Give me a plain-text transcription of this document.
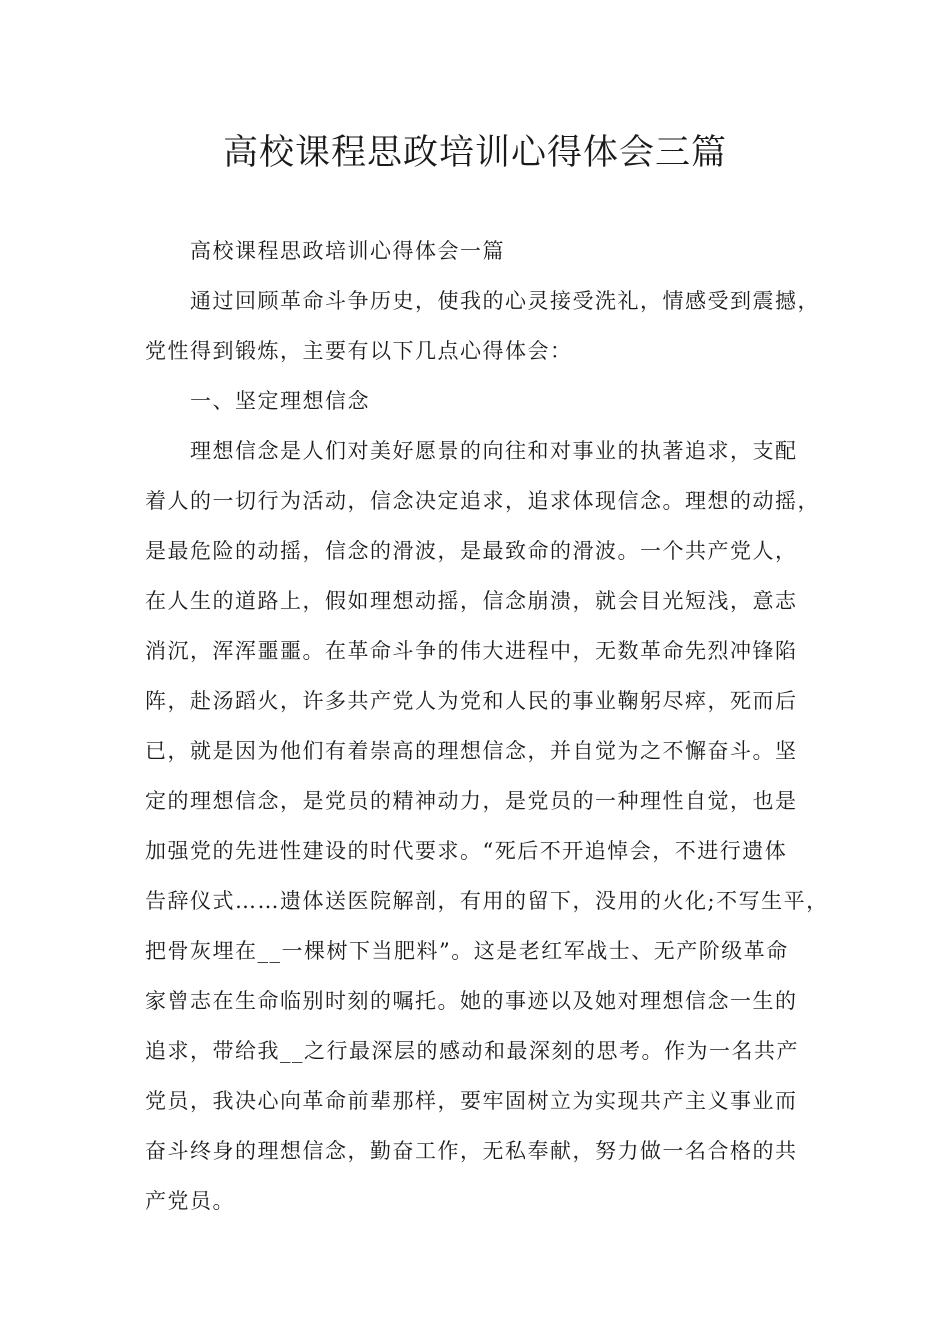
高校课程思政培训心得体会三篇
高校课程思政培训心得体会一篇
通过回顾革命斗争历史，使我的心灵接受洗礼，情感受到震撼，
党性得到锻炼，主要有以下几点心得体会：
一、坚定理想信念
理想信念是人们对美好愿景的向往和对事业的执著追求，支配
着人的一切行为活动，信念决定追求，追求体现信念。理想的动摇，
是最危险的动摇，信念的滑波，是最致命的滑波。一个共产党人，
在人生的道路上，假如理想动摇，信念崩溃，就会目光短浅，意志
消沉，浑浑噩噩。在革命斗争的伟大进程中，无数革命先烈冲锋陷
阵，赴汤蹈火，许多共产党人为党和人民的事业鞠躬尽瘁，死而后
已，就是因为他们有着崇高的理想信念，并自觉为之不懈奋斗。坚
定的理想信念，是党员的精神动力，是党员的一种理性自觉，也是
加强党的先进性建设的时代要求。“死后不开追悼会，不进行遗体
告辞仪式……遗体送医院解剖，有用的留下，没用的火化;不写生平，
把骨灰埋在__一棵树下当肥料”。这是老红军战士、无产阶级革命
家曾志在生命临别时刻的嘱托。她的事迹以及她对理想信念一生的
追求，带给我__之行最深层的感动和最深刻的思考。作为一名共产
党员，我决心向革命前辈那样，要牢固树立为实现共产主义事业而
奋斗终身的理想信念，勤奋工作，无私奉献，努力做一名合格的共
产党员。
